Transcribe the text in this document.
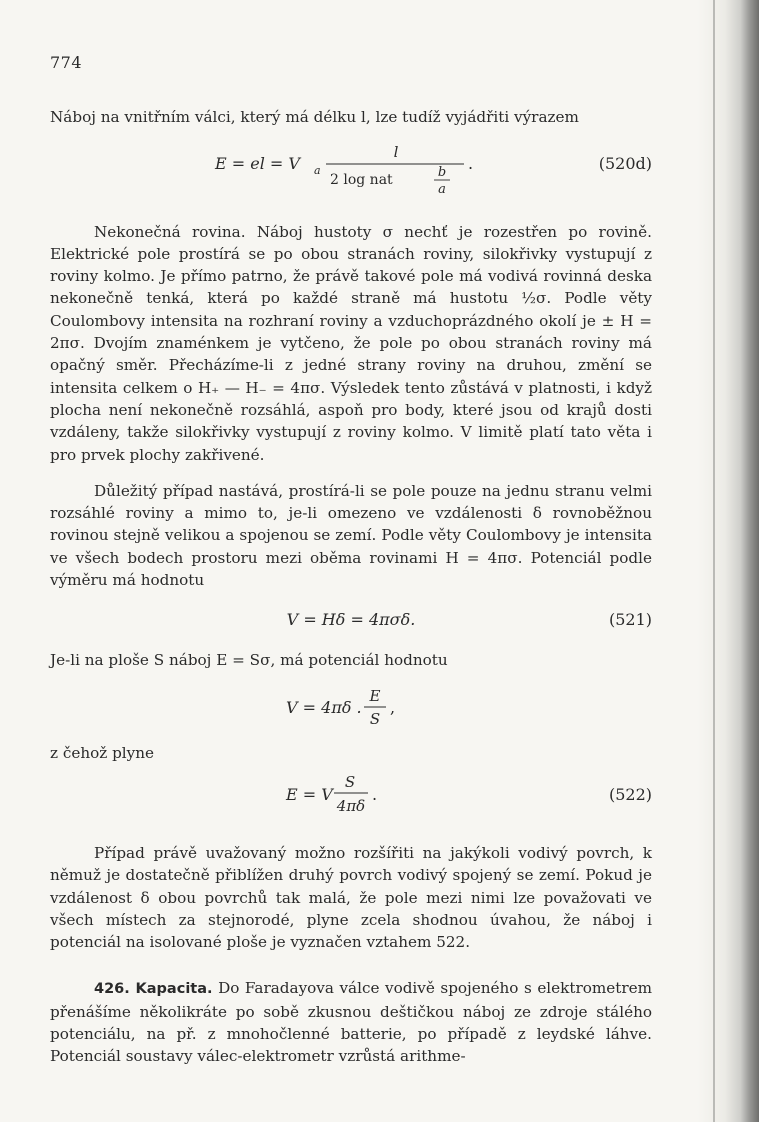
774

Náboj na vnitřním válci, který má délku l, lze tudíž vyjádřiti výrazem

E = el = V a
l
2 log nat	b
a
.	(520d)

Nekonečná rovina. Náboj hustoty σ nechť je rozestřen po rovině. Elektrické pole prostírá se po obou stranách roviny, silokřivky vystupují z roviny kolmo. Je přímo patrno, že právě takové pole má vodivá rovinná deska nekonečně tenká, která po každé straně má hustotu ½σ. Podle věty Coulombovy intensita na rozhraní roviny a vzduchoprázdného okolí je ± H = 2πσ. Dvojím znaménkem je vytčeno, že pole po obou stranách roviny má opačný směr. Přecházíme-li z jedné strany roviny na druhou, změní se intensita celkem o H₊ — H₋ = 4πσ. Výsledek tento zůstává v platnosti, i když plocha není nekonečně rozsáhlá, aspoň pro body, které jsou od krajů dosti vzdáleny, takže silokřivky vystupují z roviny kolmo. V limitě platí tato věta i pro prvek plochy zakřivené.

Důležitý případ nastává, prostírá-li se pole pouze na jednu stranu velmi rozsáhlé roviny a mimo to, je-li omezeno ve vzdálenosti δ rovnoběžnou rovinou stejně velikou a spojenou se zemí. Podle věty Coulombovy je intensita ve všech bodech prostoru mezi oběma rovinami H = 4πσ. Potenciál podle výměru má hodnotu

V = Hδ = 4πσδ.	(521)

Je-li na ploše S náboj E = Sσ, má potenciál hodnotu

V = 4πδ .
E
S
,

z čehož plyne

E = V
S
4πδ
.	(522)

Případ právě uvažovaný možno rozšířiti na jakýkoli vodivý povrch, k němuž je dostatečně přiblížen druhý povrch vodivý spojený se zemí. Pokud je vzdálenost δ obou povrchů tak malá, že pole mezi nimi lze považovati ve všech místech za stejnorodé, plyne zcela shodnou úvahou, že náboj i potenciál na isolované ploše je vyznačen vztahem 522.

426. Kapacita. Do Faradayova válce vodivě spojeného s elektrometrem přenášíme několikráte po sobě zkusnou deštičkou náboj ze zdroje stálého potenciálu, na př. z mnohočlenné batterie, po případě z leydské láhve. Potenciál soustavy válec-elektrometr vzrůstá arithme-
